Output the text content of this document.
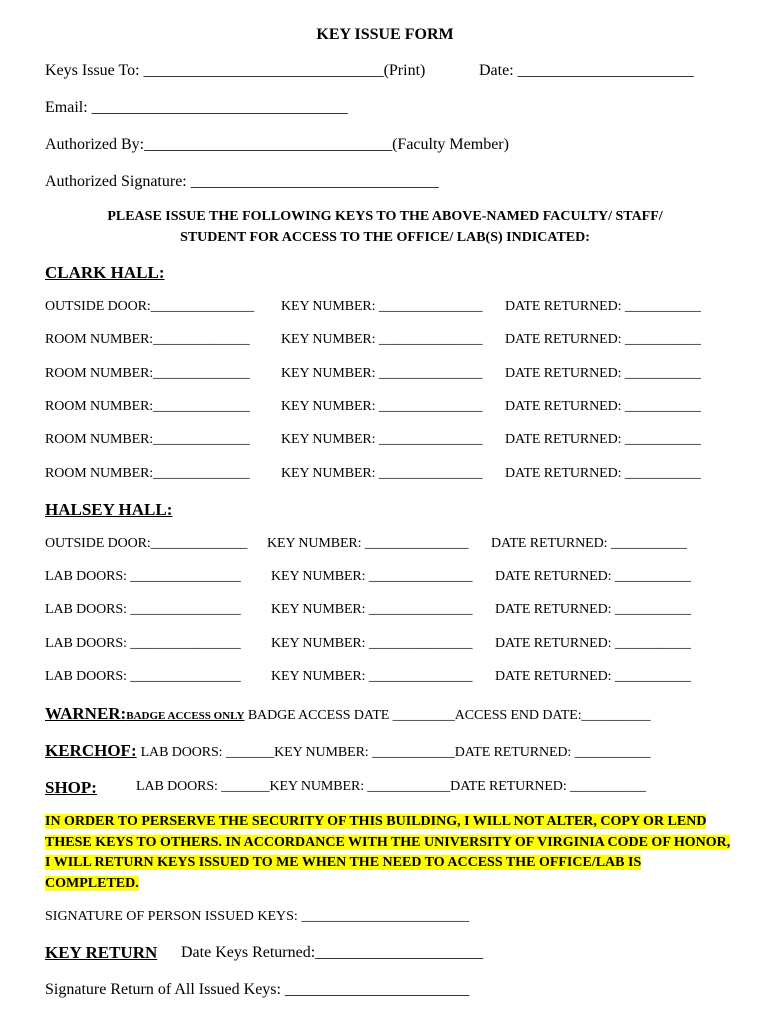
KEY ISSUE FORM
Keys Issue To: ______________________________(Print)	Date: ______________________
Email: ________________________________
Authorized By:_______________________________(Faculty Member)
Authorized Signature: _______________________________
PLEASE ISSUE THE FOLLOWING KEYS TO THE ABOVE-NAMED FACULTY/ STAFF/
STUDENT FOR ACCESS TO THE OFFICE/ LAB(S) INDICATED:
CLARK HALL:
OUTSIDE DOOR:_______________ KEY NUMBER: _______________ DATE RETURNED: ___________
ROOM NUMBER:______________ KEY NUMBER: _______________ DATE RETURNED: ___________
ROOM NUMBER:______________ KEY NUMBER: _______________ DATE RETURNED: ___________
ROOM NUMBER:______________ KEY NUMBER: _______________ DATE RETURNED: ___________
ROOM NUMBER:______________ KEY NUMBER: _______________ DATE RETURNED: ___________
ROOM NUMBER:______________ KEY NUMBER: _______________ DATE RETURNED: ___________
HALSEY HALL:
OUTSIDE DOOR:______________ KEY NUMBER: _______________ DATE RETURNED: ___________
LAB DOORS: ________________ KEY NUMBER: _______________ DATE RETURNED: ___________
LAB DOORS: ________________ KEY NUMBER: _______________ DATE RETURNED: ___________
LAB DOORS: ________________ KEY NUMBER: _______________ DATE RETURNED: ___________
LAB DOORS: ________________ KEY NUMBER: _______________ DATE RETURNED: ___________
WARNER:BADGE ACCESS ONLY BADGE ACCESS DATE _________ACCESS END DATE:__________
KERCHOF: LAB DOORS: _______KEY NUMBER: ____________DATE RETURNED: ___________
SHOP:	LAB DOORS: _______KEY NUMBER: ____________DATE RETURNED: ___________
IN ORDER TO PERSERVE THE SECURITY OF THIS BUILDING, I WILL NOT ALTER, COPY OR LEND THESE KEYS TO OTHERS. IN ACCORDANCE WITH THE UNIVERSITY OF VIRGINIA CODE OF HONOR, I WILL RETURN KEYS ISSUED TO ME WHEN THE NEED TO ACCESS THE OFFICE/LAB IS COMPLETED.
SIGNATURE OF PERSON ISSUED KEYS: ________________________
KEY RETURN Date Keys Returned:_____________________
Signature Return of All Issued Keys: _______________________
